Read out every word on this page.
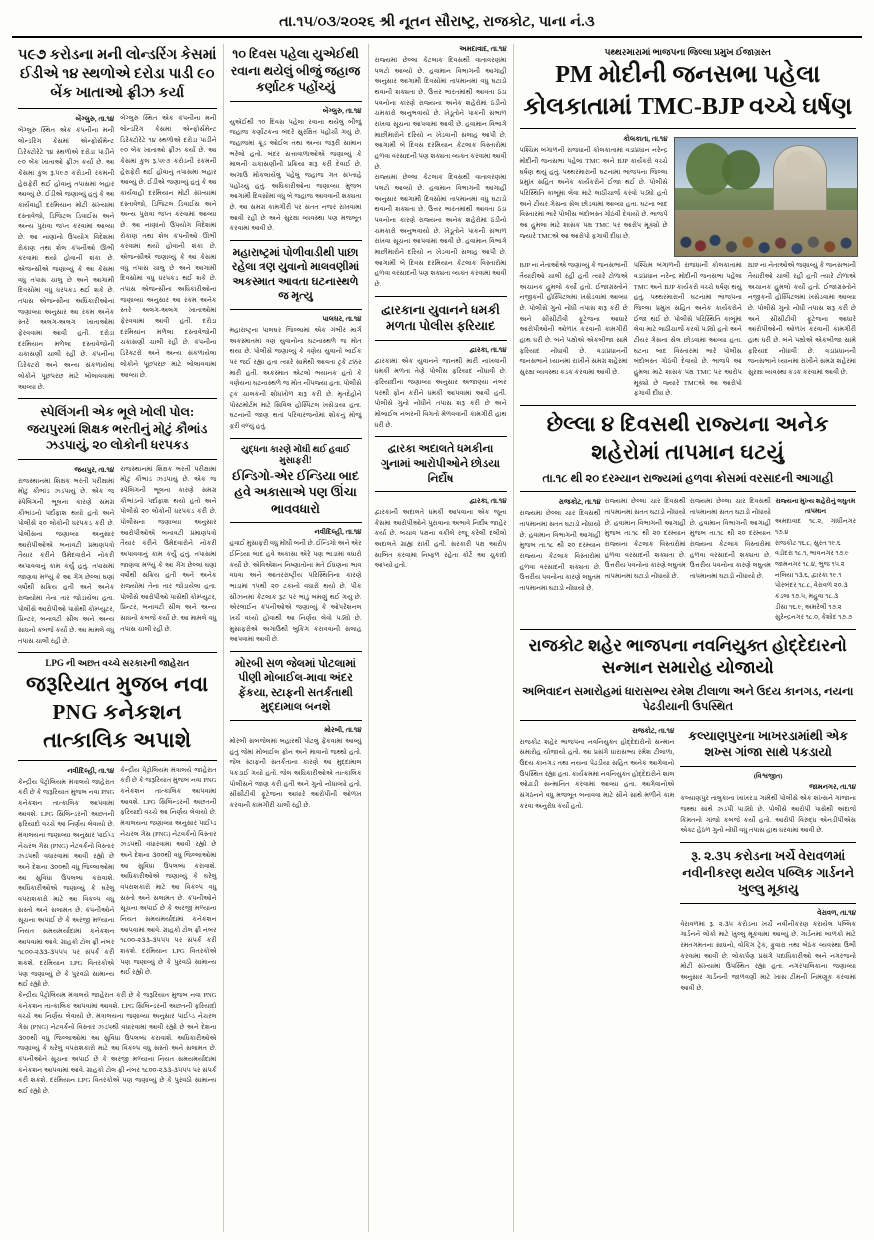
તા.૧૫/૦૩/૨૦૨૬ શ્રી નૂતન સૌરાષ્ટ્ર, રાજકોટ, પાના નં.૩
૫૯૭ કરોડના મની લોન્ડરિંગ કેસમાં ઈડીએ ૧૪ સ્થળોએ દરોડા પાડી ૯૦ બેંક ખાતાઓ ફ્રીઝ કર્યા
બેંગ્લુરુ, તા.૧૪
બેંગ્લુરુ સ્થિત એક કંપનીના મની લોન્ડરિંગ કેસમાં એન્ફોર્સમેન્ટ ડિરેક્ટોરેટે ૧૪ સ્થળોએ દરોડા પાડીને ૯૦ બેંક ખાતાઓ ફ્રીઝ કર્યા છે. આ કેસમાં કુલ રૂ.૫૯૭ કરોડની રકમની હેરાફેરી થઈ હોવાનું તપાસમાં બહાર આવ્યું છે. ઈડીએ જણાવ્યું હતું કે આ કાર્યવાહી દરમિયાન મોટી સંખ્યામાં દસ્તાવેજો, ડિજિટલ ડિવાઈસ અને અન્ય પુરાવા જપ્ત કરવામાં આવ્યા છે. આ નાણાંનો ઉપયોગ વિદેશમાં રોકાણ તથા શેલ કંપનીઓ ઊભી કરવામાં થયો હોવાની શંકા છે. એજન્સીએ જણાવ્યું કે આ કેસમાં વધુ તપાસ ચાલુ છે અને આગામી દિવસોમાં વધુ ધરપકડ થઈ શકે છે. તપાસ એજન્સીના અધિકારીઓના જણાવ્યા અનુસાર આ રકમ અનેક સ્તરે અલગ-અલગ ખાતાઓમાં ફેરવવામાં આવી હતી. દરોડા દરમિયાન મળેલા દસ્તાવેજોની ચકાસણી ચાલી રહી છે. કંપનીના ડિરેક્ટરો અને અન્ય સંકળાયેલા લોકોને પૂછપરછ માટે બોલાવવામાં આવ્યા છે.
બેંગ્લુરુ સ્થિત એક કંપનીના મની લોન્ડરિંગ કેસમાં એન્ફોર્સમેન્ટ ડિરેક્ટોરેટે ૧૪ સ્થળોએ દરોડા પાડીને ૯૦ બેંક ખાતાઓ ફ્રીઝ કર્યા છે. આ કેસમાં કુલ રૂ.૫૯૭ કરોડની રકમની હેરાફેરી થઈ હોવાનું તપાસમાં બહાર આવ્યું છે. ઈડીએ જણાવ્યું હતું કે આ કાર્યવાહી દરમિયાન મોટી સંખ્યામાં દસ્તાવેજો, ડિજિટલ ડિવાઈસ અને અન્ય પુરાવા જપ્ત કરવામાં આવ્યા છે. આ નાણાંનો ઉપયોગ વિદેશમાં રોકાણ તથા શેલ કંપનીઓ ઊભી કરવામાં થયો હોવાની શંકા છે. એજન્સીએ જણાવ્યું કે આ કેસમાં વધુ તપાસ ચાલુ છે અને આગામી દિવસોમાં વધુ ધરપકડ થઈ શકે છે. તપાસ એજન્સીના અધિકારીઓના જણાવ્યા અનુસાર આ રકમ અનેક સ્તરે અલગ-અલગ ખાતાઓમાં ફેરવવામાં આવી હતી. દરોડા દરમિયાન મળેલા દસ્તાવેજોની ચકાસણી ચાલી રહી છે. કંપનીના ડિરેક્ટરો અને અન્ય સંકળાયેલા લોકોને પૂછપરછ માટે બોલાવવામાં આવ્યા છે.
સ્પેલિંગની એક ભૂલે ખોલી પોલ: જયપુરમાં શિક્ષક ભરતીનું મોટું કૌભાંડ ઝડપાયું, ૨૦ લોકોની ધરપકડ
જયપુર, તા.૧૪
રાજસ્થાનમાં શિક્ષક ભરતી પરીક્ષામાં મોટું કૌભાંડ ઝડપાયું છે. એક જ સ્પેલિંગની ભૂલના કારણે સમગ્ર કૌભાંડનો પર્દાફાશ થયો હતો અને પોલીસે ૨૦ લોકોની ધરપકડ કરી છે. પોલીસના જણાવ્યા અનુસાર આરોપીઓએ બનાવટી પ્રમાણપત્રો તૈયાર કરીને ઉમેદવારોને નોકરી અપાવવાનું કામ કર્યું હતું. તપાસમાં જાણવા મળ્યું કે આ ગેંગ છેલ્લાં ઘણાં વર્ષોથી સક્રિય હતી અને અનેક રાજ્યોમાં તેના તાર જોડાયેલા હતા. પોલીસે આરોપીઓ પાસેથી કોમ્પ્યુટર, પ્રિન્ટર, બનાવટી સીલ અને અન્ય સાધનો કબજે કર્યા છે. આ મામલે વધુ તપાસ ચાલી રહી છે.
રાજસ્થાનમાં શિક્ષક ભરતી પરીક્ષામાં મોટું કૌભાંડ ઝડપાયું છે. એક જ સ્પેલિંગની ભૂલના કારણે સમગ્ર કૌભાંડનો પર્દાફાશ થયો હતો અને પોલીસે ૨૦ લોકોની ધરપકડ કરી છે. પોલીસના જણાવ્યા અનુસાર આરોપીઓએ બનાવટી પ્રમાણપત્રો તૈયાર કરીને ઉમેદવારોને નોકરી અપાવવાનું કામ કર્યું હતું. તપાસમાં જાણવા મળ્યું કે આ ગેંગ છેલ્લાં ઘણાં વર્ષોથી સક્રિય હતી અને અનેક રાજ્યોમાં તેના તાર જોડાયેલા હતા. પોલીસે આરોપીઓ પાસેથી કોમ્પ્યુટર, પ્રિન્ટર, બનાવટી સીલ અને અન્ય સાધનો કબજે કર્યા છે. આ મામલે વધુ તપાસ ચાલી રહી છે.
LPG ની અછત વચ્ચે સરકારની જાહેરાત
જરૂરિયાત મુજબ નવા PNG કનેકશન તાત્કાલિક અપાશે
નવીદિલ્હી, તા.૧૪
કેન્દ્રીય પેટ્રોલિયમ મંત્રાલયે જાહેરાત કરી છે કે જરૂરિયાત મુજબ નવા PNG કનેકશન તાત્કાલિક આપવામાં આવશે. LPG સિલિન્ડરની અછતની ફરિયાદો વચ્ચે આ નિર્ણય લેવાયો છે. મંત્રાલયના જણાવ્યા અનુસાર પાઈપ્ડ નેચરલ ગેસ (PNG) નેટવર્કનો વિસ્તાર ઝડપથી વધારવામાં આવી રહ્યો છે અને દેશના ૩૦૦થી વધુ જિલ્લાઓમાં આ સુવિધા ઉપલબ્ધ કરાવાશે. અધિકારીઓએ જણાવ્યું કે ઘરેલું વપરાશકારો માટે આ વિકલ્પ વધુ સસ્તો અને સલામત છે. કંપનીઓને સૂચના અપાઈ છે કે અરજી મળ્યાના નિયત સમયમર્યાદામાં કનેકશન આપવામાં આવે. ગ્રાહકો ટોલ ફ્રી નંબર ૧૮૦૦-૨૩૩-૩૫૫૫ પર સંપર્ક કરી શકશે. દરમિયાન LPG વિતરકોએ પણ જણાવ્યું છે કે પુરવઠો સામાન્ય થઈ રહ્યો છે.
કેન્દ્રીય પેટ્રોલિયમ મંત્રાલયે જાહેરાત કરી છે કે જરૂરિયાત મુજબ નવા PNG કનેકશન તાત્કાલિક આપવામાં આવશે. LPG સિલિન્ડરની અછતની ફરિયાદો વચ્ચે આ નિર્ણય લેવાયો છે. મંત્રાલયના જણાવ્યા અનુસાર પાઈપ્ડ નેચરલ ગેસ (PNG) નેટવર્કનો વિસ્તાર ઝડપથી વધારવામાં આવી રહ્યો છે અને દેશના ૩૦૦થી વધુ જિલ્લાઓમાં આ સુવિધા ઉપલબ્ધ કરાવાશે. અધિકારીઓએ જણાવ્યું કે ઘરેલું વપરાશકારો માટે આ વિકલ્પ વધુ સસ્તો અને સલામત છે. કંપનીઓને સૂચના અપાઈ છે કે અરજી મળ્યાના નિયત સમયમર્યાદામાં કનેકશન આપવામાં આવે. ગ્રાહકો ટોલ ફ્રી નંબર ૧૮૦૦-૨૩૩-૩૫૫૫ પર સંપર્ક કરી શકશે. દરમિયાન LPG વિતરકોએ પણ જણાવ્યું છે કે પુરવઠો સામાન્ય થઈ રહ્યો છે.
કેન્દ્રીય પેટ્રોલિયમ મંત્રાલયે જાહેરાત કરી છે કે જરૂરિયાત મુજબ નવા PNG કનેકશન તાત્કાલિક આપવામાં આવશે. LPG સિલિન્ડરની અછતની ફરિયાદો વચ્ચે આ નિર્ણય લેવાયો છે. મંત્રાલયના જણાવ્યા અનુસાર પાઈપ્ડ નેચરલ ગેસ (PNG) નેટવર્કનો વિસ્તાર ઝડપથી વધારવામાં આવી રહ્યો છે અને દેશના ૩૦૦થી વધુ જિલ્લાઓમાં આ સુવિધા ઉપલબ્ધ કરાવાશે. અધિકારીઓએ જણાવ્યું કે ઘરેલું વપરાશકારો માટે આ વિકલ્પ વધુ સસ્તો અને સલામત છે. કંપનીઓને સૂચના અપાઈ છે કે અરજી મળ્યાના નિયત સમયમર્યાદામાં કનેકશન આપવામાં આવે. ગ્રાહકો ટોલ ફ્રી નંબર ૧૮૦૦-૨૩૩-૩૫૫૫ પર સંપર્ક કરી શકશે. દરમિયાન LPG વિતરકોએ પણ જણાવ્યું છે કે પુરવઠો સામાન્ય થઈ રહ્યો છે.
૧૦ દિવસ પહેલા યુએઈથી રવાના થયેલું બીજું જહાજ કર્ણાટક પહોંચ્યું
બેંગ્લુરુ, તા.૧૪
યુએઈથી ૧૦ દિવસ પહેલા રવાના થયેલું બીજું જહાજ કર્ણાટકના બંદરે સુરક્ષિત પહોંચી ગયું છે. જહાજમાં ક્રૂડ ઓઈલ તથા અન્ય જરૂરી સામાન ભરેલો હતો. બંદર સત્તાવાળાઓએ જણાવ્યું કે માલની ચકાસણીની પ્રક્રિયા શરૂ કરી દેવાઈ છે. અગાઉ મોકલાયેલું પહેલું જહાજ ગત સપ્તાહે પહોંચ્યું હતું. અધિકારીઓના જણાવ્યા મુજબ આગામી દિવસોમાં વધુ બે જહાજ આવવાની શક્યતા છે. આ સમગ્ર કામગીરી પર સતત નજર રાખવામાં આવી રહી છે અને સુરક્ષા વ્યવસ્થા પણ મજબૂત કરવામાં આવી છે.
મહારાષ્ટ્રમાં પોળીવાડીથી પાછા રહેલા ત્રણ યુવાનો માલવણીમાં અકસ્માત આવતા ઘટનાસ્થળે જ મૃત્યુ
પાલઘર, તા.૧૪
મહારાષ્ટ્રના પાલઘર જિલ્લામાં એક ગંભીર માર્ગ અકસ્માતમાં ત્રણ યુવાનોના ઘટનાસ્થળે જ મોત થયા છે. પોલીસે જણાવ્યું કે ત્રણેય યુવાનો બાઈક પર જઈ રહ્યા હતા ત્યારે સામેથી આવતા ટ્રકે ટક્કર મારી હતી. અકસ્માત એટલો ભયાનક હતો કે ત્રણેયના ઘટનાસ્થળે જ મોત નીપજ્યા હતા. પોલીસે ટ્રક ચાલકની શોધખોળ શરૂ કરી છે. મૃતદેહોને પોસ્ટમોર્ટમ માટે સિવિલ હોસ્પિટલ ખસેડાયા હતા. ઘટનાની જાણ થતાં પરિવારજનોમાં શોકનું મોજું ફરી વળ્યું હતું.
યુદ્ધના કારણે મોંઘી થઈ હવાઈ મુસાફરી!
ઈન્ડિગો-એર ઈન્ડિયા બાદ હવે અકાસાએ પણ ઊંચા ભાવવધારો
નવીદિલ્હી, તા.૧૪
હવાઈ મુસાફરી વધુ મોંઘી બની છે. ઈન્ડિગો અને એર ઈન્ડિયા બાદ હવે અકાસા એરે પણ ભાડામાં વધારો કર્યો છે. એવિએશન નિષ્ણાતોના મતે ઈંધણના ભાવ વધવા અને આંતરરાષ્ટ્રીય પરિસ્થિતિના કારણે ભાડામાં ૧૫થી ૨૦ ટકાનો વધારો થયો છે. પીક સીઝનમાં કેટલાક રૂટ પર ભાડું બમણું થઈ ગયું છે. એરલાઈન કંપનીઓએ જણાવ્યું કે ઓપરેશનલ ખર્ચ વધ્યો હોવાથી આ નિર્ણય લેવો પડ્યો છે. મુસાફરોએ અગાઉથી બુકિંગ કરાવવાની સલાહ આપવામાં આવી છે.
મોરબી સળ જેલમાં પોટલામાં પીણી મોબાઈલ-માવા અંદર ફેંકયા, સ્ટાફની સતર્કતાથી મુદ્દામાલ બનશે
મોરબી, તા.૧૪
મોરબી સબજેલમાં બહારથી પોટલું ફેંકવામાં આવ્યું હતું જેમાં મોબાઈલ ફોન અને માવાનો જથ્થો હતો. જેલ સ્ટાફની સતર્કતાના કારણે આ મુદ્દામાલ પકડાઈ ગયો હતો. જેલ અધિકારીઓએ તાત્કાલિક પોલીસને જાણ કરી હતી અને ગુનો નોંધાવ્યો હતો. સીસીટીવી ફૂટેજના આધારે આરોપીની ઓળખ કરવાની કામગીરી ચાલી રહી છે.
અમદાવાદ, તા.૧૪
રાજ્યમાં છેલ્લા કેટલાક દિવસથી વાતાવરણમાં પલટો આવ્યો છે. હવામાન વિભાગની આગાહી અનુસાર આગામી દિવસોમાં તાપમાનમાં વધુ ઘટાડો થવાની શક્યતા છે. ઉત્તર ભારતમાંથી આવતા ઠંડા પવનોના કારણે રાજ્યના અનેક શહેરોમાં ઠંડીનો ચમકારો અનુભવાયો છે. ખેડૂતોને પાકની સંભાળ રાખવા સૂચના આપવામાં આવી છે. હવામાન વિભાગે માછીમારોને દરિયો ન ખેડવાની સલાહ આપી છે. આગામી બે દિવસ દરમિયાન કેટલાક વિસ્તારોમાં હળવા વરસાદની પણ શક્યતા વ્યક્ત કરવામાં આવી છે.
રાજ્યમાં છેલ્લા કેટલાક દિવસથી વાતાવરણમાં પલટો આવ્યો છે. હવામાન વિભાગની આગાહી અનુસાર આગામી દિવસોમાં તાપમાનમાં વધુ ઘટાડો થવાની શક્યતા છે. ઉત્તર ભારતમાંથી આવતા ઠંડા પવનોના કારણે રાજ્યના અનેક શહેરોમાં ઠંડીનો ચમકારો અનુભવાયો છે. ખેડૂતોને પાકની સંભાળ રાખવા સૂચના આપવામાં આવી છે. હવામાન વિભાગે માછીમારોને દરિયો ન ખેડવાની સલાહ આપી છે. આગામી બે દિવસ દરમિયાન કેટલાક વિસ્તારોમાં હળવા વરસાદની પણ શક્યતા વ્યક્ત કરવામાં આવી છે.
દ્વારકાના યુવાનને ધમકી મળતા પોલીસ ફરિયાદ
દ્વારકા, તા.૧૪
દ્વારકામાં એક યુવાનને જાનથી મારી નાખવાની ધમકી મળતા તેણે પોલીસ ફરિયાદ નોંધાવી છે. ફરિયાદીના જણાવ્યા અનુસાર અજાણ્યા નંબર પરથી ફોન કરીને ધમકી આપવામાં આવી હતી. પોલીસે ગુનો નોંધીને તપાસ શરૂ કરી છે અને મોબાઈલ નંબરની વિગતો મેળવવાની કામગીરી હાથ ધરી છે.
દ્વારકા અદાલતે ધમકીના ગુનામાં આરોપીઓને છોડયા નિર્દોષ
દ્વારકા, તા.૧૪
દ્વારકાની અદાલતે ધમકી આપવાના એક જૂના કેસમાં આરોપીઓને પુરાવાના અભાવે નિર્દોષ જાહેર કર્યા છે. બચાવ પક્ષના વકીલે રજૂ કરેલી દલીલો અદાલતે ગ્રાહ્ય રાખી હતી. સરકારી પક્ષ આરોપ સાબિત કરવામાં નિષ્ફળ રહેતા કોર્ટે આ ચુકાદો આપ્યો હતો.
પથ્થરમારામાં ભાજપના જિલ્લા પ્રમુખ ઈજાગ્રસ્ત
PM મોદીની જનસભા પહેલા કોલકાતામાં TMC-BJP વચ્ચે ઘર્ષણ
કોલકાતા, તા.૧૪
પશ્ચિમ બંગાળની રાજધાની કોલકાતામાં વડાપ્રધાન નરેન્દ્ર મોદીની જનસભા પહેલા TMC અને BJP કાર્યકરો વચ્ચે ઘર્ષણ થયું હતું. પથ્થરમારાની ઘટનામાં ભાજપના જિલ્લા પ્રમુખ સહિત અનેક કાર્યકરોને ઈજા થઈ છે. પોલીસે પરિસ્થિતિ કાબૂમાં લેવા માટે લાઠીચાર્જ કરવો પડ્યો હતો અને ટીયર ગેસના સેલ છોડવામાં આવ્યા હતા. ઘટના બાદ વિસ્તારમાં ભારે પોલીસ બંદોબસ્ત ગોઠવી દેવાયો છે. ભાજપે આ હુમલા માટે શાસક પક્ષ TMC પર આરોપ મૂક્યો છે જ્યારે TMCએ આ આરોપો ફગાવી દીધા છે.
BJP ના નેતાઓએ જણાવ્યું કે જનસભાની તૈયારીઓ ચાલી રહી હતી ત્યારે ટોળાએ અચાનક હુમલો કર્યો હતો. ઈજાગ્રસ્તોને નજીકની હોસ્પિટલમાં ખસેડવામાં આવ્યા છે. પોલીસે ગુનો નોંધી તપાસ શરૂ કરી છે અને સીસીટીવી ફૂટેજના આધારે આરોપીઓની ઓળખ કરવાની કામગીરી હાથ ધરી છે. બંને પક્ષોએ એકબીજા સામે ફરિયાદ નોંધાવી છે. વડાપ્રધાનની જનસભાને ધ્યાનમાં રાખીને સમગ્ર શહેરમાં સુરક્ષા વ્યવસ્થા કડક કરવામાં આવી છે.
પશ્ચિમ બંગાળની રાજધાની કોલકાતામાં વડાપ્રધાન નરેન્દ્ર મોદીની જનસભા પહેલા TMC અને BJP કાર્યકરો વચ્ચે ઘર્ષણ થયું હતું. પથ્થરમારાની ઘટનામાં ભાજપના જિલ્લા પ્રમુખ સહિત અનેક કાર્યકરોને ઈજા થઈ છે. પોલીસે પરિસ્થિતિ કાબૂમાં લેવા માટે લાઠીચાર્જ કરવો પડ્યો હતો અને ટીયર ગેસના સેલ છોડવામાં આવ્યા હતા. ઘટના બાદ વિસ્તારમાં ભારે પોલીસ બંદોબસ્ત ગોઠવી દેવાયો છે. ભાજપે આ હુમલા માટે શાસક પક્ષ TMC પર આરોપ મૂક્યો છે જ્યારે TMCએ આ આરોપો ફગાવી દીધા છે.
BJP ના નેતાઓએ જણાવ્યું કે જનસભાની તૈયારીઓ ચાલી રહી હતી ત્યારે ટોળાએ અચાનક હુમલો કર્યો હતો. ઈજાગ્રસ્તોને નજીકની હોસ્પિટલમાં ખસેડવામાં આવ્યા છે. પોલીસે ગુનો નોંધી તપાસ શરૂ કરી છે અને સીસીટીવી ફૂટેજના આધારે આરોપીઓની ઓળખ કરવાની કામગીરી હાથ ધરી છે. બંને પક્ષોએ એકબીજા સામે ફરિયાદ નોંધાવી છે. વડાપ્રધાનની જનસભાને ધ્યાનમાં રાખીને સમગ્ર શહેરમાં સુરક્ષા વ્યવસ્થા કડક કરવામાં આવી છે.
છેલ્લા ૪ દિવસથી રાજ્યના અનેક શહેરોમાં તાપમાન ઘટયું
તા.૧૮ થી ૨૦ દરમ્યાન રાજ્યમાં હળવા ક્રોસમાં વરસાદની આગાહી
રાજકોટ, તા.૧૪
રાજ્યમાં છેલ્લા ચાર દિવસથી તાપમાનમાં સતત ઘટાડો નોંધાયો છે. હવામાન વિભાગની આગાહી મુજબ તા.૧૮ થી ૨૦ દરમ્યાન રાજ્યના કેટલાક વિસ્તારોમાં હળવા વરસાદની શક્યતા છે. ઉત્તરીય પવનોના કારણે લઘુતમ તાપમાનમાં ઘટાડો નોંધાયો છે.
રાજ્યમાં છેલ્લા ચાર દિવસથી તાપમાનમાં સતત ઘટાડો નોંધાયો છે. હવામાન વિભાગની આગાહી મુજબ તા.૧૮ થી ૨૦ દરમ્યાન રાજ્યના કેટલાક વિસ્તારોમાં હળવા વરસાદની શક્યતા છે. ઉત્તરીય પવનોના કારણે લઘુતમ તાપમાનમાં ઘટાડો નોંધાયો છે.
રાજ્યમાં છેલ્લા ચાર દિવસથી તાપમાનમાં સતત ઘટાડો નોંધાયો છે. હવામાન વિભાગની આગાહી મુજબ તા.૧૮ થી ૨૦ દરમ્યાન રાજ્યના કેટલાક વિસ્તારોમાં હળવા વરસાદની શક્યતા છે. ઉત્તરીય પવનોના કારણે લઘુતમ તાપમાનમાં ઘટાડો નોંધાયો છે.
રાજ્યના મુખ્ય શહેરોનું લઘુતમ તાપમાન
અમદાવાદ ૧૮.૨, ગાંધીનગર ૧૭.૪
રાજકોટ ૧૬.૮, સુરત ૧૯.૬
વડોદરા ૧૮.૧, ભાવનગર ૧૭.૯
જામનગર ૧૮.૪, ભુજ ૧૫.૨
નલિયા ૧૩.૬, દ્વારકા ૧૯.૧
પોરબંદર ૧૮.૮, વેરાવળ ૨૦.૩
કંડલા ૧૭.૫, મહુવા ૧૮.૩
ડીસા ૧૬.૯, અમરેલી ૧૭.૨
સુરેન્દ્રનગર ૧૮.૦, કેશોદ ૧૭.૭
રાજકોટ શહેર ભાજપના નવનિયુક્ત હોદ્દેદારનો સન્માન સમારોહ યોજાયો
અભિવાદન સમારોહમાં ધારાસભ્ય રમેશ ટીલાળા અને ઉદય કાનગડ, નયના પેઢડીયાની ઉપસ્થિત
રાજકોટ, તા.૧૪
રાજકોટ શહેર ભાજપના નવનિયુક્ત હોદ્દેદારોનો સન્માન સમારોહ યોજાયો હતો. આ પ્રસંગે ધારાસભ્ય રમેશ ટીલાળા, ઉદય કાનગડ તથા નયના પેઢડીયા સહિત અનેક આગેવાનો ઉપસ્થિત રહ્યા હતા. કાર્યક્રમમાં નવનિયુક્ત હોદ્દેદારોને શાલ ઓઢાડી સન્માનિત કરવામાં આવ્યા હતા. આગેવાનોએ સંગઠનને વધુ મજબૂત બનાવવા માટે સૌને સાથે મળીને કામ કરવા અનુરોધ કર્યો હતો.
કલ્યાણપુરના ખાખરડામાંથી એક શખ્સ ગાંજા સાથે પકડાયો
(વિશ્વજીત)
જામનગર, તા.૧૪
કલ્યાણપુર તાલુકાના ખાખરડા ગામેથી પોલીસે એક શખ્સને ગાંજાના જથ્થા સાથે ઝડપી પાડ્યો છે. પોલીસે આરોપી પાસેથી અંદાજે કિંમતનો ગાંજો કબજે કર્યો હતો. આરોપી વિરુદ્ધ એનડીપીએસ એક્ટ હેઠળ ગુનો નોંધી વધુ તપાસ હાથ ધરવામાં આવી છે.
રૂ. ૨.૩૫ કરોડના ખર્ચે વેરાવળમાં નવીનીકરણ થયેલ પબ્લિક ગાર્ડનને ખુલ્લુ મૂકાયુ
વેરાવળ, તા.૧૪
વેરાવળમાં રૂ. ૨.૩૫ કરોડના ખર્ચે નવીનીકરણ કરાયેલ પબ્લિક ગાર્ડનને લોકો માટે ખુલ્લુ મૂકવામાં આવ્યું છે. ગાર્ડનમાં બાળકો માટે રમતગમતના સાધનો, વોકિંગ ટ્રેક, ફુવારા તથા બેઠક વ્યવસ્થા ઉભી કરવામાં આવી છે. લોકાર્પણ પ્રસંગે પદાધિકારીઓ અને નગરજનો મોટી સંખ્યામાં ઉપસ્થિત રહ્યા હતા. નગરપાલિકાના જણાવ્યા અનુસાર ગાર્ડનની જાળવણી માટે ખાસ ટીમની નિમણૂક કરવામાં આવી છે.
